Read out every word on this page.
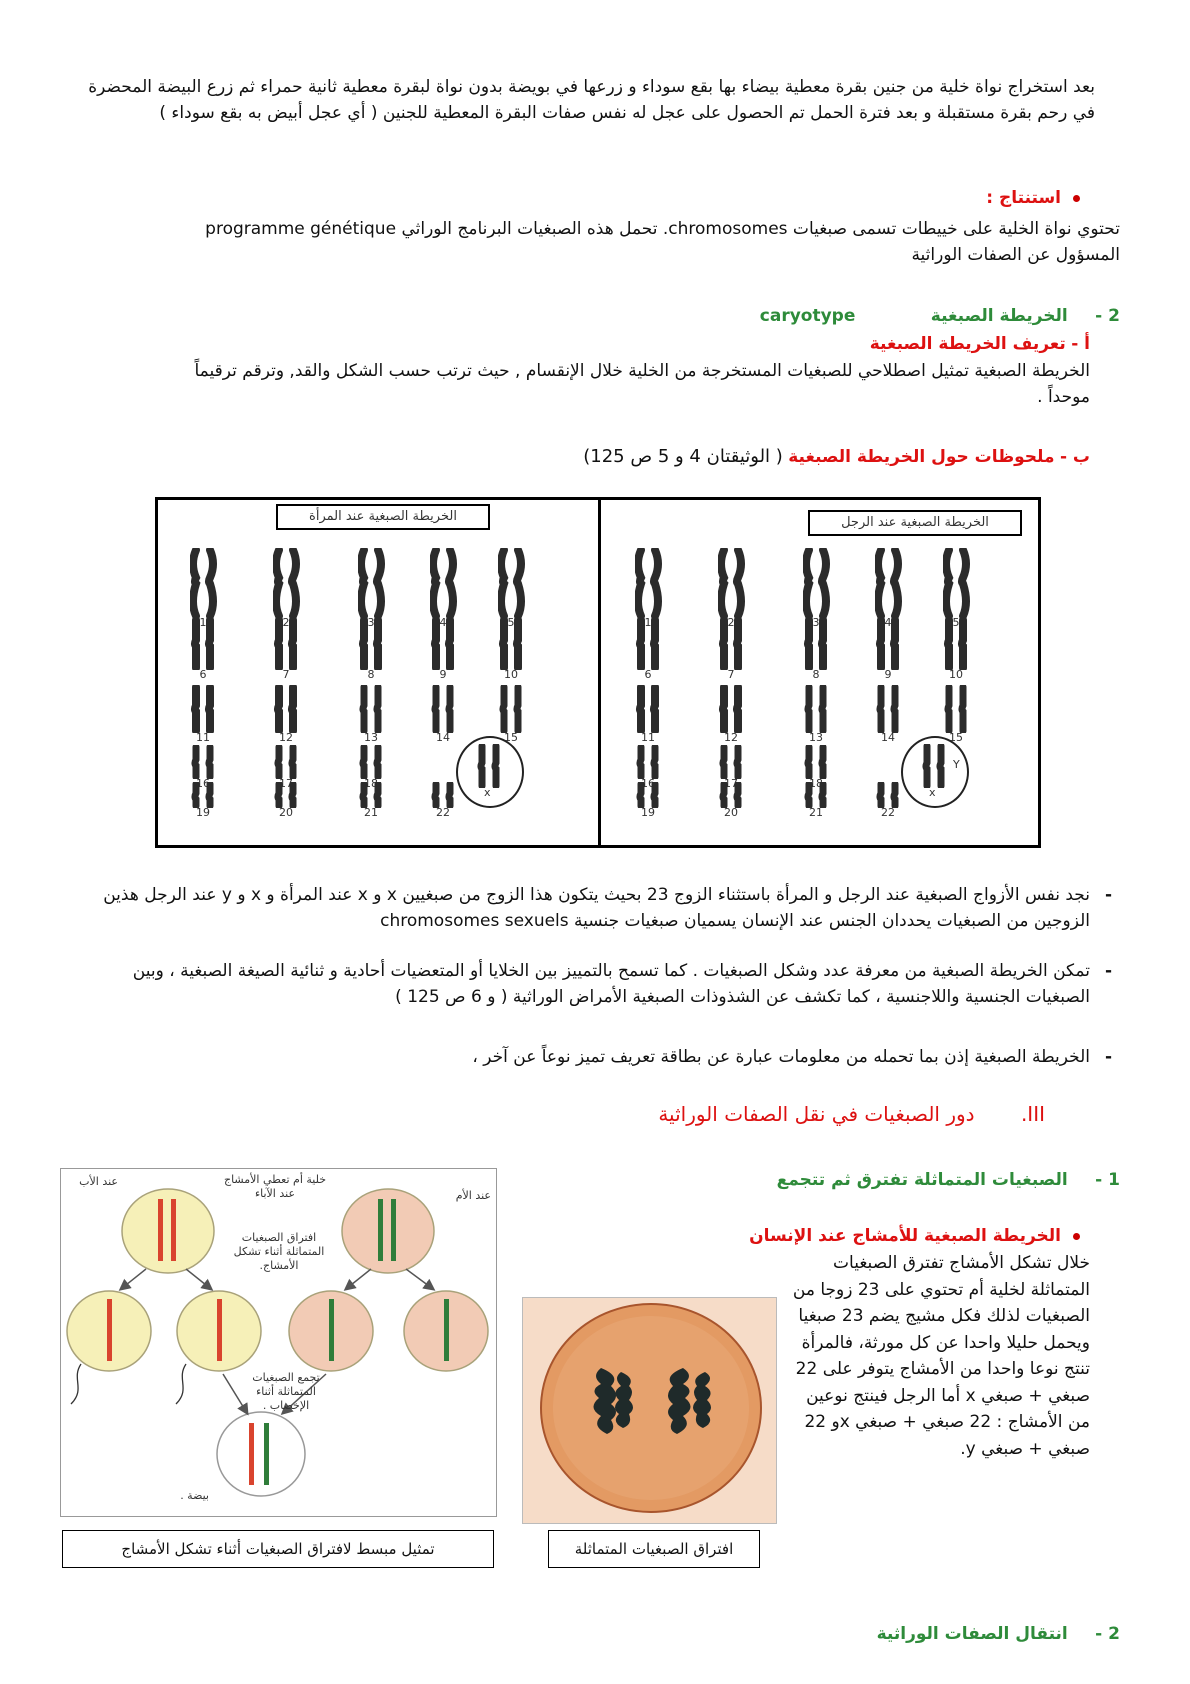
بعد استخراج نواة خلية من جنين بقرة معطية بيضاء بها بقع سوداء و زرعها في بويضة بدون نواة لبقرة معطية ثانية حمراء ثم زرع البيضة المحضرة في رحم بقرة مستقبلة و بعد فترة الحمل تم الحصول على عجل له نفس صفات البقرة المعطية للجنين ( أي عجل أبيض به بقع سوداء )
استنتاج :
تحتوي نواة الخلية على خييطات تسمى صبغيات chromosomes. تحمل هذه الصبغيات البرنامج الوراثي programme génétique المسؤول عن الصفات الوراثية
2 - الخريطة الصبغية caryotype
أ - تعريف الخريطة الصبغية
الخريطة الصبغية تمثيل اصطلاحي للصبغيات المستخرجة من الخلية خلال الإنقسام , حيث ترتب حسب الشكل والقد, وترقم ترقيماً موحداً .
ب - ملحوظات حول الخريطة الصبغية ( الوثيقتان 4 و 5 ص 125)
الخريطة الصبغية عند المرأة	الخريطة الصبغية عند الرجل
1	2	3	4	5
6	7	8	9	10
11	12	13	14	15
16	17	18
19	20	21	22
x
1	2	3	4	5
6	7	8	9	10
11	12	13	14	15
16	17	18
19	20	21	22
x
Y
-
نجد نفس الأزواج الصبغية عند الرجل و المرأة باستثناء الزوج 23 بحيث يتكون هذا الزوج من صبغيين x و x عند المرأة و x و y عند الرجل هذين الزوجين من الصبغيات يحددان الجنس عند الإنسان يسميان صبغيات جنسية chromosomes sexuels
-
تمكن الخريطة الصبغية من معرفة عدد وشكل الصبغيات . كما تسمح بالتمييز بين الخلايا أو المتعضيات أحادية و ثنائية الصيغة الصبغية ، وبين الصبغيات الجنسية واللاجنسية ، كما تكشف عن الشذوذات الصبغية الأمراض الوراثية ( و 6 ص 125 )
-
الخريطة الصبغية إذن بما تحمله من معلومات عبارة عن بطاقة تعريف تميز نوعاً عن آخر ،
III. دور الصبغيات في نقل الصفات الوراثية
1 - الصبغيات المتماثلة تفترق ثم تتجمع
الخريطة الصبغية للأمشاج عند الإنسان
خلال تشكل الأمشاج تفترق الصبغيات المتماثلة لخلية أم تحتوي على 23 زوجا من الصبغيات لذلك فكل مشيج يضم 23 صبغيا ويحمل حليلا واحدا عن كل مورثة، فالمرأة تنتج نوعا واحدا من الأمشاج يتوفر على 22 صبغي + صبغي x أما الرجل فينتج نوعين من الأمشاج : 22 صبغي + صبغي xو 22 صبغي + صبغي y.
عند الأب
عند الأم
خلية أم تعطي الأمشاج عند الآباء
افتراق الصبغيات المتماثلة أثناء تشكل الأمشاج.
تجمع الصبغيات المتماثلة أثناء الإخصاب .
بيضة .
تمثيل مبسط لافتراق الصبغيات أثناء تشكل الأمشاج	افتراق الصبغيات المتماثلة
2 - انتقال الصفات الوراثية
